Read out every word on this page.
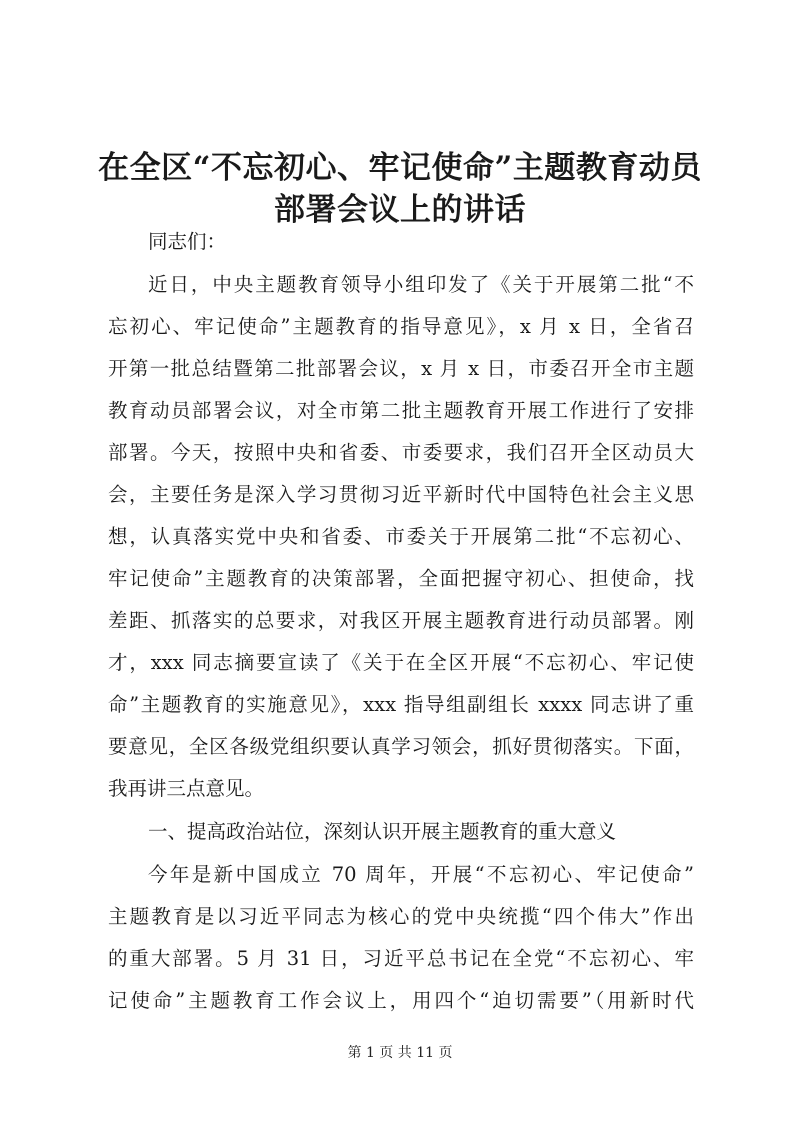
在全区“不忘初心、牢记使命”主题教育动员
部署会议上的讲话

同志们：

近日，中央主题教育领导小组印发了《关于开展第二批“不

忘初心、牢记使命”主题教育的指导意见》，x 月 x 日，全省召

开第一批总结暨第二批部署会议，x 月 x 日，市委召开全市主题

教育动员部署会议，对全市第二批主题教育开展工作进行了安排

部署。今天，按照中央和省委、市委要求，我们召开全区动员大

会，主要任务是深入学习贯彻习近平新时代中国特色社会主义思

想，认真落实党中央和省委、市委关于开展第二批“不忘初心、

牢记使命”主题教育的决策部署，全面把握守初心、担使命，找

差距、抓落实的总要求，对我区开展主题教育进行动员部署。刚

才，xxx 同志摘要宣读了《关于在全区开展“不忘初心、牢记使

命”主题教育的实施意见》，xxx 指导组副组长 xxxx 同志讲了重

要意见，全区各级党组织要认真学习领会，抓好贯彻落实。下面，

我再讲三点意见。

一、提高政治站位，深刻认识开展主题教育的重大意义

今年是新中国成立 70 周年，开展“不忘初心、牢记使命”

主题教育是以习近平同志为核心的党中央统揽“四个伟大”作出

的重大部署。5 月 31 日，习近平总书记在全党“不忘初心、牢

记使命”主题教育工作会议上，用四个“迫切需要”（用新时代

第 1 页 共 11 页
